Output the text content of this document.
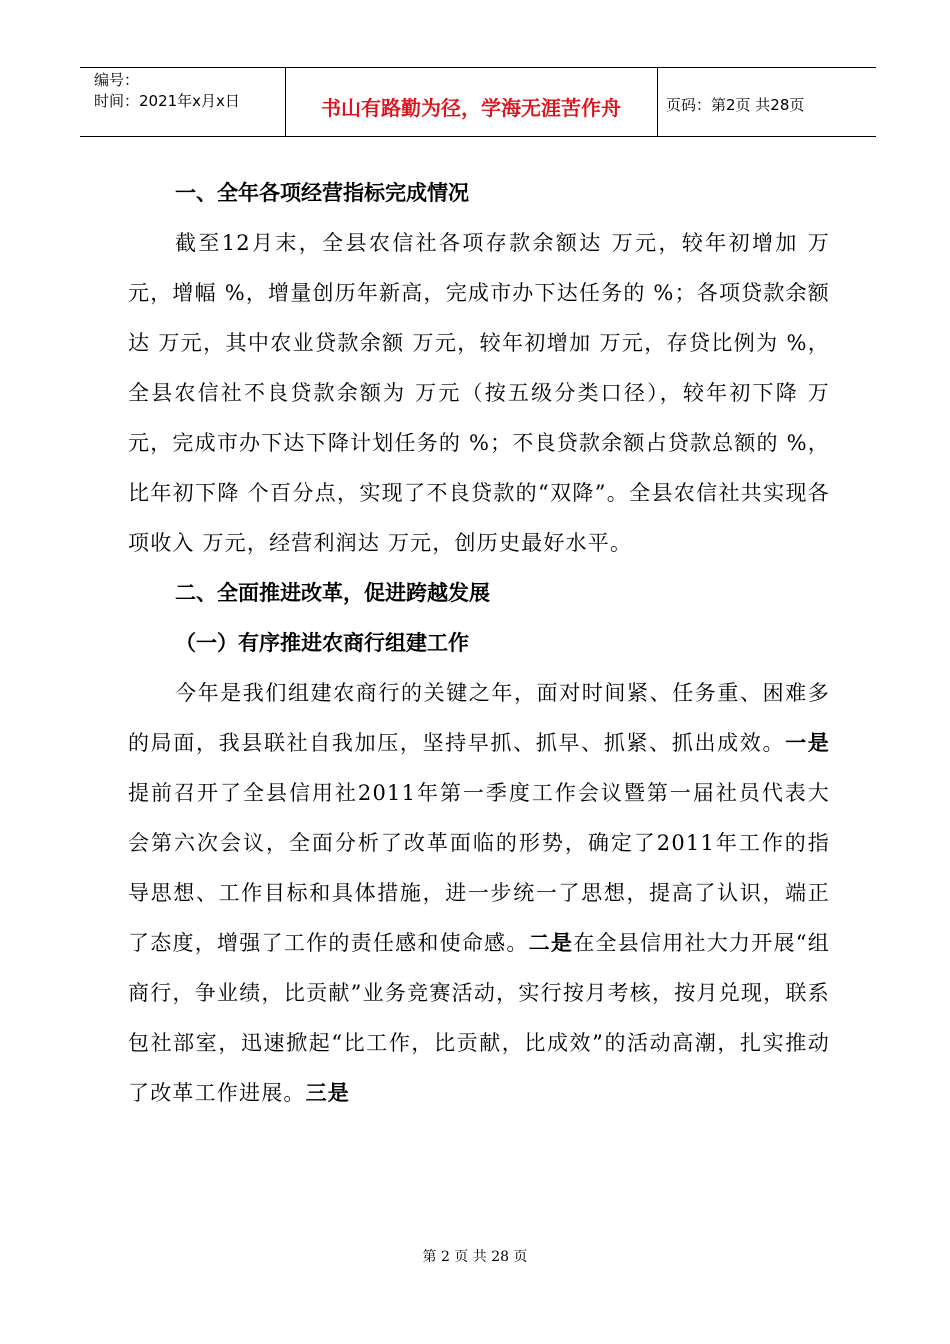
编号：
时间：2021年x月x日	书山有路勤为径，学海无涯苦作舟	页码：第2页 共28页

一、全年各项经营指标完成情况

截至12月末，全县农信社各项存款余额达 万元，较年初增加 万元，增幅 %，增量创历年新高，完成市办下达任务的 %；各项贷款余额达 万元，其中农业贷款余额 万元，较年初增加 万元，存贷比例为 %，全县农信社不良贷款余额为 万元（按五级分类口径），较年初下降 万元，完成市办下达下降计划任务的 %；不良贷款余额占贷款总额的 %，比年初下降 个百分点，实现了不良贷款的“双降”。全县农信社共实现各项收入 万元，经营利润达 万元，创历史最好水平。

二、全面推进改革，促进跨越发展

（一）有序推进农商行组建工作

今年是我们组建农商行的关键之年，面对时间紧、任务重、困难多的局面，我县联社自我加压，坚持早抓、抓早、抓紧、抓出成效。一是提前召开了全县信用社2011年第一季度工作会议暨第一届社员代表大会第六次会议，全面分析了改革面临的形势，确定了2011年工作的指导思想、工作目标和具体措施，进一步统一了思想，提高了认识，端正了态度，增强了工作的责任感和使命感。二是在全县信用社大力开展“组商行，争业绩，比贡献”业务竞赛活动，实行按月考核，按月兑现，联系包社部室，迅速掀起“比工作，比贡献，比成效”的活动高潮，扎实推动了改革工作进展。三是

第 2 页 共 28 页
